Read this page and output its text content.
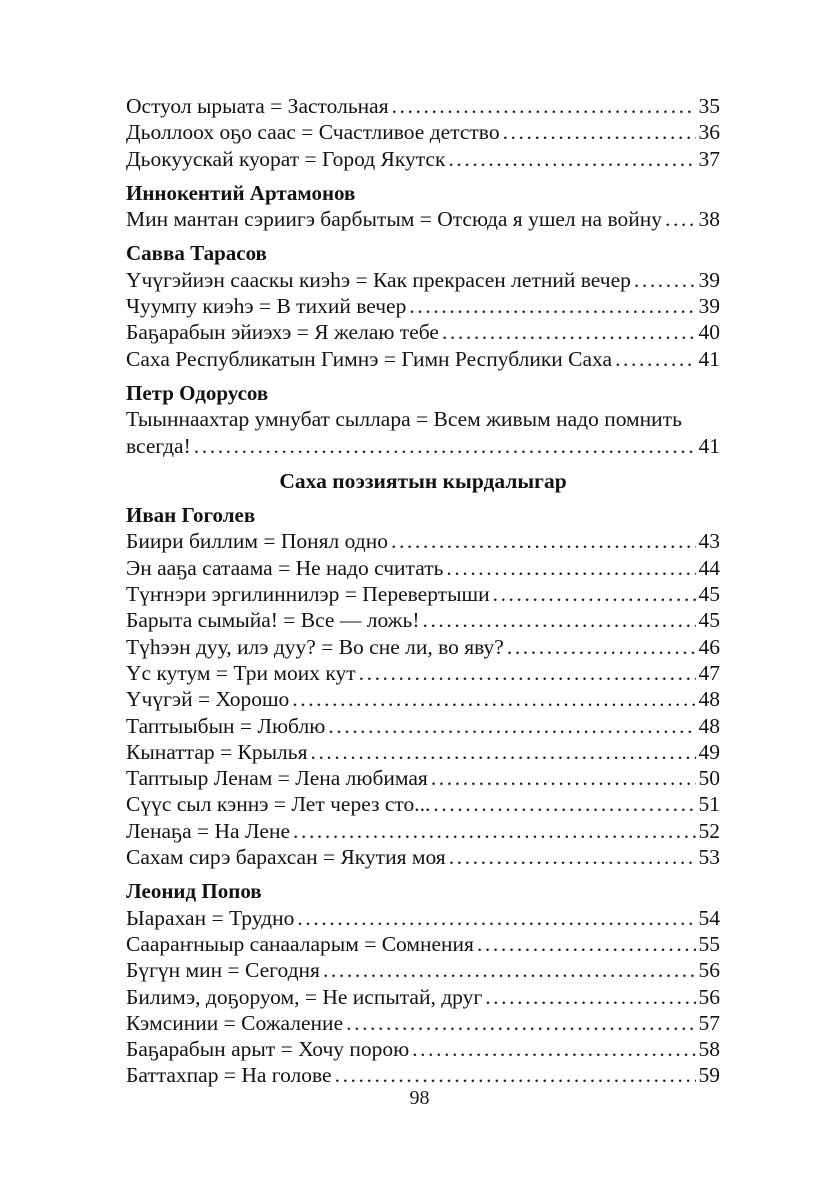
Остуол ырыата = Застольная .....	35
Дьоллоох оҕо саас = Счастливое детство .....	36
Дьокуускай куорат = Город Якутск .....	37
Иннокентий Артамонов
Мин мантан сэриигэ барбытым = Отсюда я ушел на войну ..... 38
Савва Тарасов
Үчүгэйиэн сааскы киэһэ = Как прекрасен летний вечер .....	39
Чуумпу киэһэ = В тихий вечер .....	39
Баҕарабын эйиэхэ = Я желаю тебе .....	40
Саха Республикатын Гимнэ = Гимн Республики Саха .....	41
Петр Одорусов
Тыыннаахтар умнубат сыллара = Всем живым надо помнить
всегда! .....	41
Саха поэзиятын кырдалыгар
Иван Гоголев
Биири биллим = Понял одно .....	43
Эн ааҕа сатаама = Не надо считать .....	44
Түҥнэри эргилиннилэр = Перевертыши .....	45
Барыта сымыйа! = Все — ложь! .....	45
Түһээн дуу, илэ дуу? = Во сне ли, во яву? .....	46
Үс кутум = Три моих кут .....	47
Үчүгэй = Хорошо .....	48
Таптыыбын = Люблю .....	48
Кынаттар = Крылья .....	49
Таптыыр Ленам = Лена любимая .....	50
Сүүс сыл кэннэ = Лет через сто... .....	51
Ленаҕа = На Лене .....	52
Сахам сирэ барахсан = Якутия моя .....	53
Леонид Попов
Ыарахан = Трудно .....	54
Саараҥныыр санааларым = Сомнения .....	55
Бүгүн мин = Сегодня .....	56
Билимэ, доҕоруом, = Не испытай, друг .....	56
Кэмсинии = Сожаление .....	57
Баҕарабын арыт = Хочу порою .....	58
Баттахпар = На голове .....	59
98
